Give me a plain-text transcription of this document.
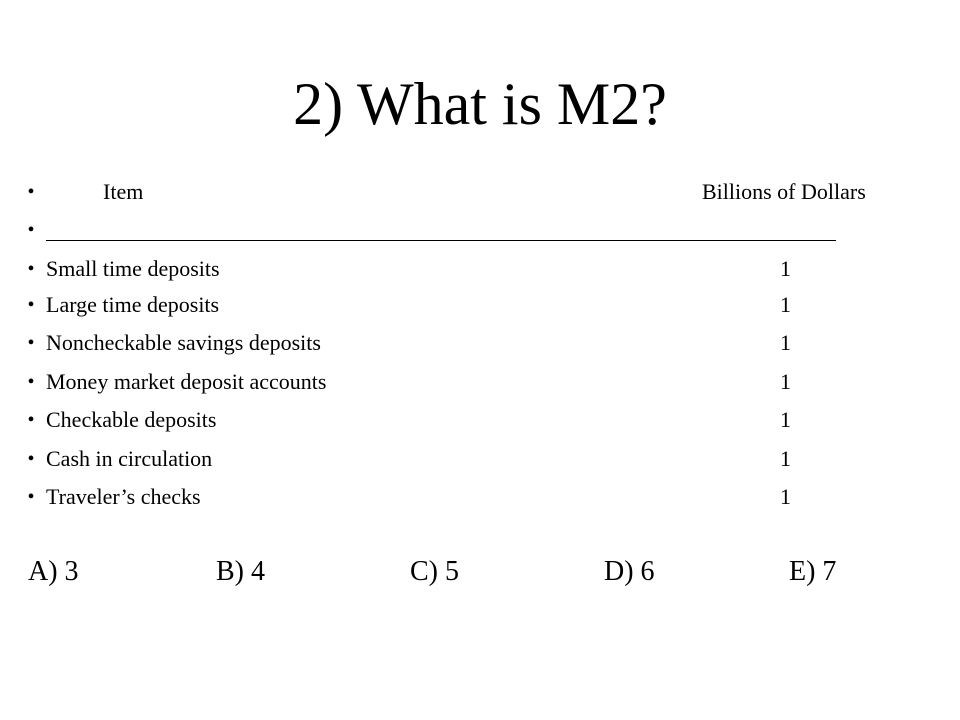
2) What is M2?
•	Item	Billions of Dollars
•
• Small time deposits	1
• Large time deposits	1
• Noncheckable savings deposits	1
• Money market deposit accounts	1
• Checkable deposits	1
• Cash in circulation	1
• Traveler’s checks	1
A) 3	B) 4	C) 5	D) 6	E) 7
